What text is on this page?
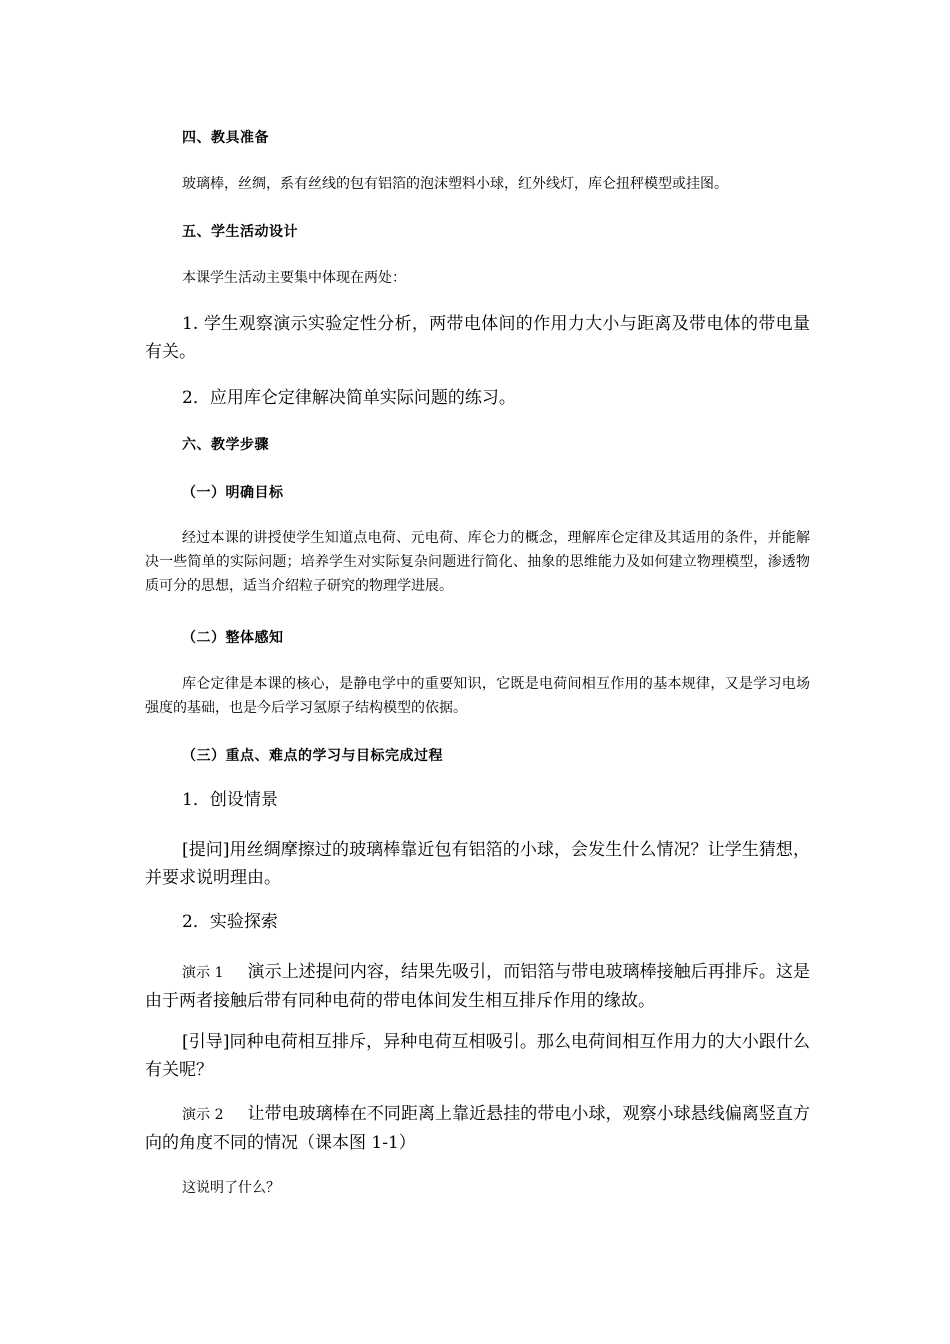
四、教具准备

玻璃棒，丝绸，系有丝线的包有铝箔的泡沫塑料小球，红外线灯，库仑扭秤模型或挂图。

五、学生活动设计

本课学生活动主要集中体现在两处：

1. 学生观察演示实验定性分析，两带电体间的作用力大小与距离及带电体的带电量有关。

2．应用库仑定律解决简单实际问题的练习。

六、教学步骤

（一）明确目标

经过本课的讲授使学生知道点电荷、元电荷、库仑力的概念，理解库仑定律及其适用的条件，并能解决一些简单的实际问题；培养学生对实际复杂问题进行简化、抽象的思维能力及如何建立物理模型，渗透物质可分的思想，适当介绍粒子研究的物理学进展。

（二）整体感知

库仑定律是本课的核心，是静电学中的重要知识，它既是电荷间相互作用的基本规律，又是学习电场强度的基础，也是今后学习氢原子结构模型的依据。

（三）重点、难点的学习与目标完成过程

1．创设情景

[提问]用丝绸摩擦过的玻璃棒靠近包有铝箔的小球，会发生什么情况？让学生猜想，并要求说明理由。

2．实验探索

演示 1 演示上述提问内容，结果先吸引，而铝箔与带电玻璃棒接触后再排斥。这是由于两者接触后带有同种电荷的带电体间发生相互排斥作用的缘故。

[引导]同种电荷相互排斥，异种电荷互相吸引。那么电荷间相互作用力的大小跟什么有关呢？

演示 2 让带电玻璃棒在不同距离上靠近悬挂的带电小球，观察小球悬线偏离竖直方向的角度不同的情况（课本图 1-1）

这说明了什么？
